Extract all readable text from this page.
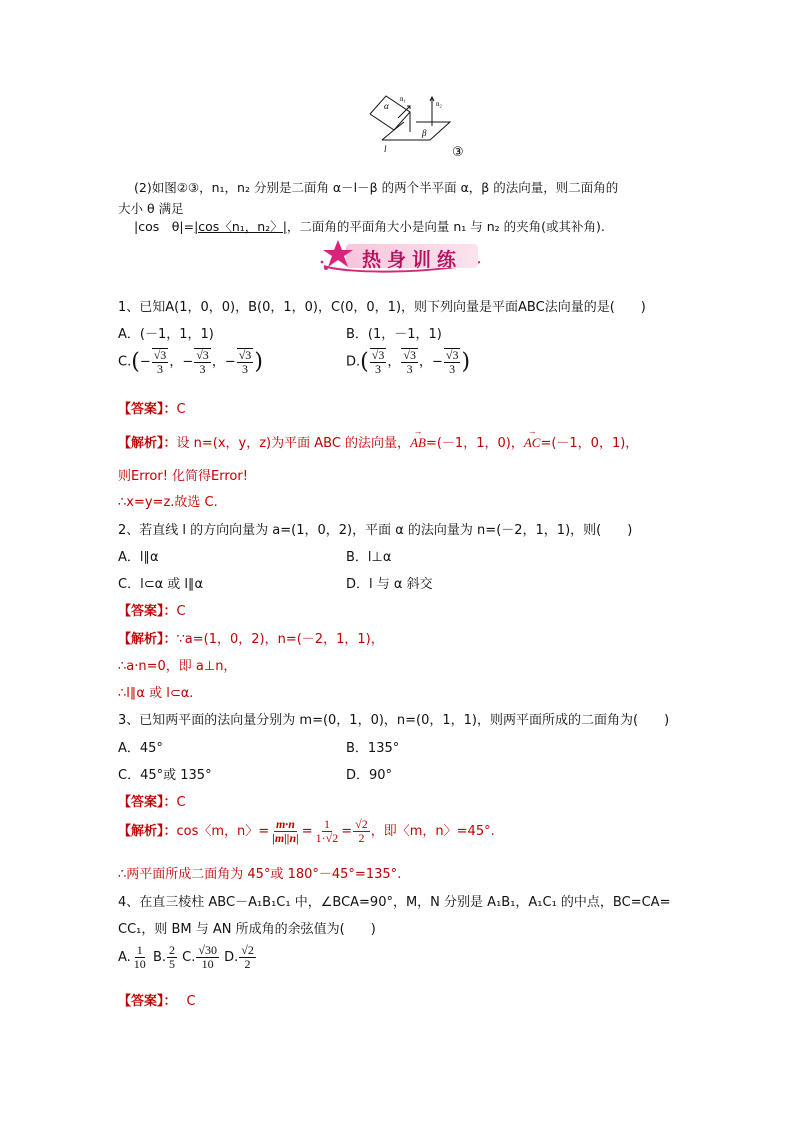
α
n₁
n₂
β
l	③
(2)如图②③，n₁，n₂ 分别是二面角 α－l－β 的两个半平面 α，β 的法向量，则二面角的
大小 θ 满足
|cos　θ|=|cos〈n₁，n₂〉|，二面角的平面角大小是向量 n₁ 与 n₂ 的夹角(或其补角).
热身训练
1、已知A(1，0，0)，B(0，1，0)，C(0，0，1)，则下列向量是平面ABC法向量的是(　　)
A．(－1，1，1)	B．(1，－1，1)
$C.(- \frac{√3}{3}$ ，− $\frac{√3}{3}$ ，− $\frac{√3}{3}$ )	$D.( \frac{√3}{3}$ ， $\frac{√3}{3}$ ，− $\frac{√3}{3}$ )
【答案】：C
【解析】：设 n=(x，y，z)为平面 ABC 的法向量，→ AB=(－1，1，0)，→ AC=(－1，0，1)，
则Error! 化简得Error!
∴x=y=z.故选 C.
2、若直线 l 的方向向量为 a=(1，0，2)，平面 α 的法向量为 n=(－2，1，1)，则(　　)
A．l∥α	B．l⊥α
C．l⊂α 或 l∥α	D．l 与 α 斜交
【答案】：C
【解析】：∵a=(1，0，2)，n=(－2，1，1)，
∴a·n=0，即 a⊥n，
∴l∥α 或 l⊂α.
3、已知两平面的法向量分别为 m=(0，1，0)，n=(0，1，1)，则两平面所成的二面角为(　　)
A．45°	B．135°
C．45°或 135°	D．90°
【答案】：C
【解析】：cos〈m，n〉= $\frac{m\cdot n}{|m||n|} = \frac{1}{1\cdot√2} = \frac{√2}{2}$ ，即〈m，n〉=45°.
∴两平面所成二面角为 45°或 180°－45°=135°.
4、在直三棱柱 ABC－A₁B₁C₁ 中，∠BCA=90°，M，N 分别是 A₁B₁，A₁C₁ 的中点，BC=CA=
CC₁，则 BM 与 AN 所成角的余弦值为(　　)
A. $\frac{1}{10} B$. $\frac{2}{5} C$. $\frac{√30}{10} D$. $\frac{√2}{2}$
【答案】： C
